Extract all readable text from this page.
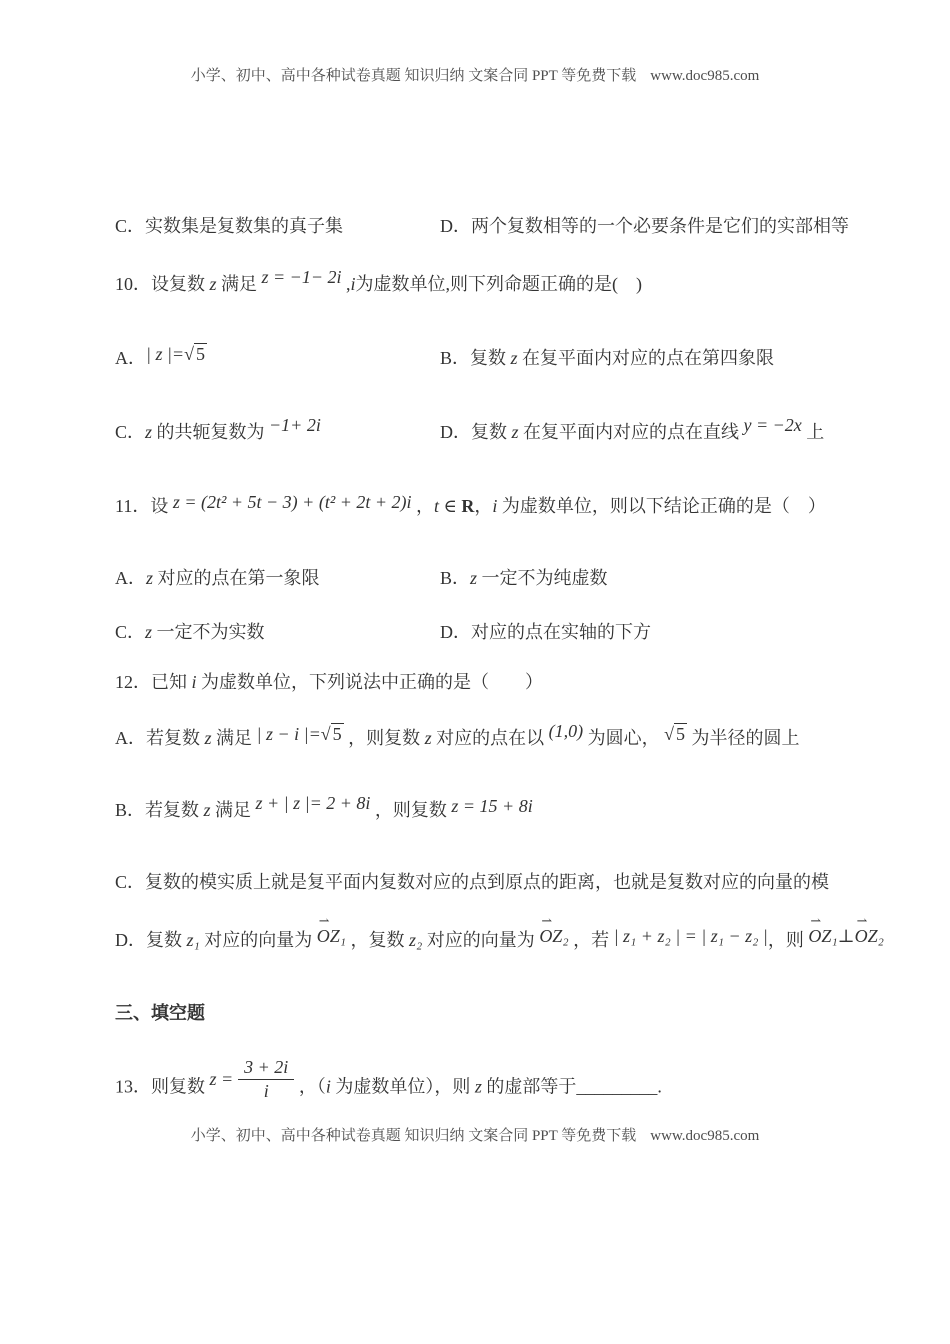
小学、初中、高中各种试卷真题 知识归纳 文案合同 PPT 等免费下载 www.doc985.com
C．实数集是复数集的真子集	D．两个复数相等的一个必要条件是它们的实部相等
10．设复数 z 满足 z = −1− 2i ,i为虚数单位,则下列命题正确的是(　)
A．| z |=√ 5	B．复数 z 在复平面内对应的点在第四象限
C．z 的共轭复数为 −1+ 2i	D．复数 z 在复平面内对应的点在直线 y = −2x 上
11．设 z = (2t² + 5t − 3) + (t² + 2t + 2)i ，t ∈ R，i 为虚数单位，则以下结论正确的是（　）
A．z 对应的点在第一象限	B．z 一定不为纯虚数
C．z 一定不为实数	D．对应的点在实轴的下方
12．已知 i 为虚数单位，下列说法中正确的是（　　）
A．若复数 z 满足 | z − i |=√ 5 ，则复数 z 对应的点在以 (1,0) 为圆心， √ 5 为半径的圆上
B．若复数 z 满足 z + | z |= 2 + 8i ，则复数 z = 15 + 8i
C．复数的模实质上就是复平面内复数对应的点到原点的距离，也就是复数对应的向量的模
D．复数 z₁ 对应的向量为
⇀
OZ₁ ，复数 z₂ 对应的向量为
⇀
OZ₂ ，若 | z₁ + z₂ | = | z₁ − z₂ |，则
⇀
OZ₁⊥
⇀
OZ₂
三、填空题
13．则复数 $z = \frac{3 + 2i}{i}$ ，（i 为虚数单位），则 z 的虚部等于_________.
小学、初中、高中各种试卷真题 知识归纳 文案合同 PPT 等免费下载 www.doc985.com
